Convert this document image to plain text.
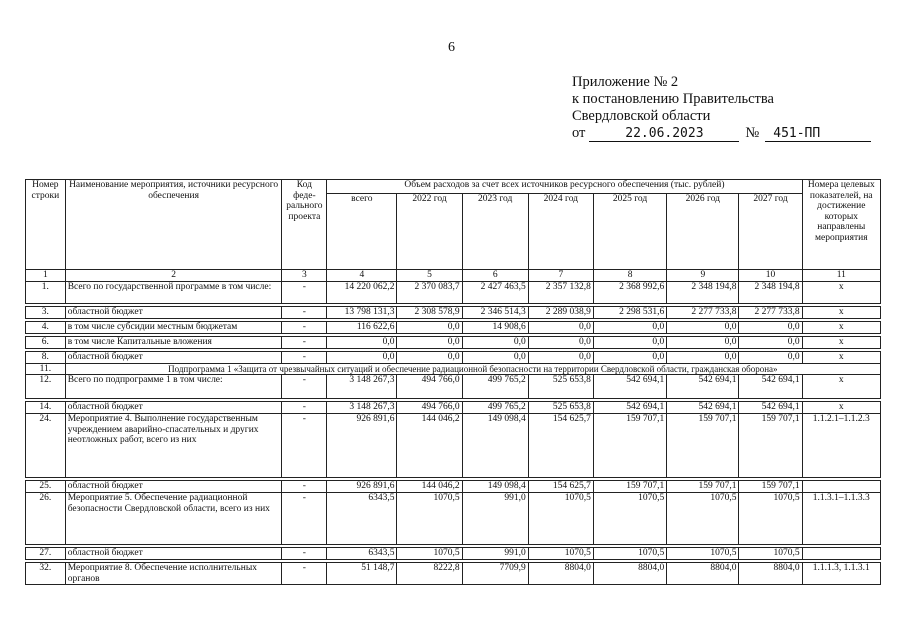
6
Приложение № 2
к постановлению Правительства
Свердловской области
от	22.06.2023	№	451-ПП
Номер строки	Наименование мероприятия, источники ресурсного обеспечения	Код феде-рального проекта	Объем расходов за счет всех источников ресурсного обеспечения (тыс. рублей)							Номера целевых показателей, на достижение которых направлены мероприятия
			всего	2022 год	2023 год	2024 год	2025 год	2026 год	2027 год	
1	2	3	4	5	6	7	8	9	10	11
1.	Всего по государственной программе в том числе:	-	14 220 062,2	2 370 083,7	2 427 463,5	2 357 132,8	2 368 992,6	2 348 194,8	2 348 194,8	x

3.	областной бюджет	-	13 798 131,3	2 308 578,9	2 346 514,3	2 289 038,9	2 298 531,6	2 277 733,8	2 277 733,8	x

4.	в том числе субсидии местным бюджетам	-	116 622,6	0,0	14 908,6	0,0	0,0	0,0	0,0	x

6.	в том числе Капитальные вложения	-	0,0	0,0	0,0	0,0	0,0	0,0	0,0	x

8.	областной бюджет	-	0,0	0,0	0,0	0,0	0,0	0,0	0,0	x
11.	Подпрограмма 1 «Защита от чрезвычайных ситуаций и обеспечение радиационной безопасности на территории Свердловской области, гражданская оборона»									
12.	Всего по подпрограмме 1 в том числе:	-	3 148 267,3	494 766,0	499 765,2	525 653,8	542 694,1	542 694,1	542 694,1	x

14.	областной бюджет	-	3 148 267,3	494 766,0	499 765,2	525 653,8	542 694,1	542 694,1	542 694,1	x
24.	Мероприятие 4. Выполнение государственным учреждением аварийно-спасательных и других неотложных работ, всего из них	-	926 891,6	144 046,2	149 098,4	154 625,7	159 707,1	159 707,1	159 707,1	1.1.2.1–1.1.2.3

25.	областной бюджет	-	926 891,6	144 046,2	149 098,4	154 625,7	159 707,1	159 707,1	159 707,1	
26.	Мероприятие 5. Обеспечение радиационной безопасности Свердловской области, всего из них	-	6343,5	1070,5	991,0	1070,5	1070,5	1070,5	1070,5	1.1.3.1–1.1.3.3

27.	областной бюджет	-	6343,5	1070,5	991,0	1070,5	1070,5	1070,5	1070,5	

32.	Мероприятие 8. Обеспечение исполнительных органов	-	51 148,7	8222,8	7709,9	8804,0	8804,0	8804,0	8804,0	1.1.1.3, 1.1.3.1
